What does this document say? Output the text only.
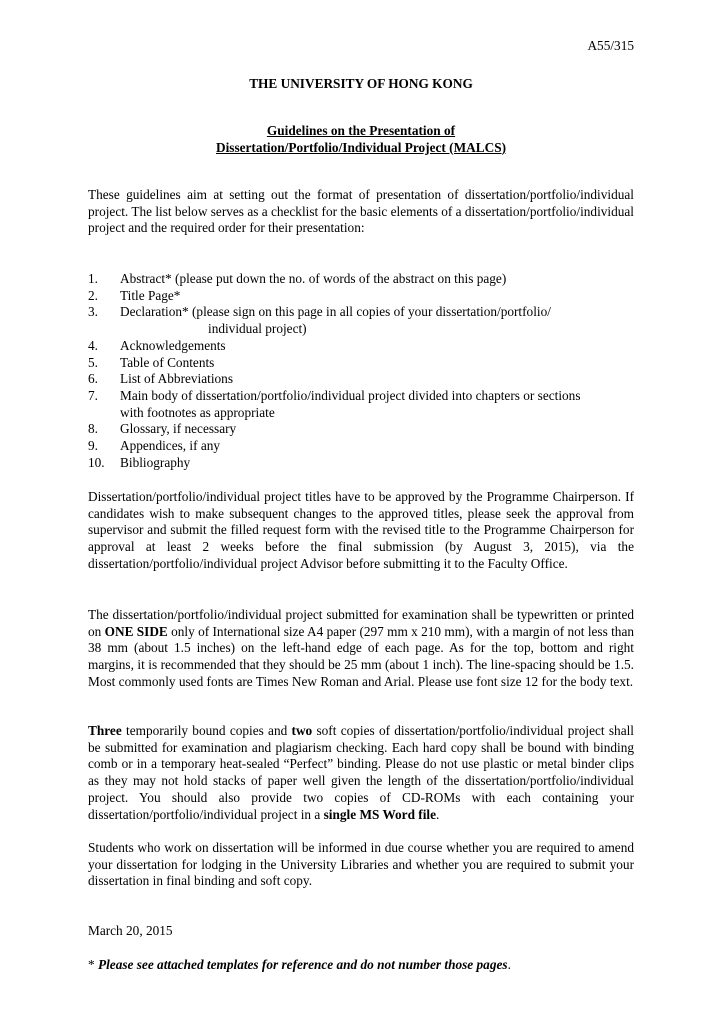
A55/315
THE UNIVERSITY OF HONG KONG
Guidelines on the Presentation of
Dissertation/Portfolio/Individual Project (MALCS)

These guidelines aim at setting out the format of presentation of dissertation/portfolio/individual project. The list below serves as a checklist for the basic elements of a dissertation/portfolio/individual project and the required order for their presentation:

1.	Abstract* (please put down the no. of words of the abstract on this page)
2.	Title Page*
3.	Declaration* (please sign on this page in all copies of your dissertation/portfolio/
individual project)
4.	Acknowledgements
5.	Table of Contents
6.	List of Abbreviations
7.	Main body of dissertation/portfolio/individual project divided into chapters or sections
with footnotes as appropriate
8.	Glossary, if necessary
9.	Appendices, if any
10.	Bibliography

Dissertation/portfolio/individual project titles have to be approved by the Programme Chairperson. If candidates wish to make subsequent changes to the approved titles, please seek the approval from supervisor and submit the filled request form with the revised title to the Programme Chairperson for approval at least 2 weeks before the final submission (by August 3, 2015), via the dissertation/portfolio/individual project Advisor before submitting it to the Faculty Office.

The dissertation/portfolio/individual project submitted for examination shall be typewritten or printed on ONE SIDE only of International size A4 paper (297 mm x 210 mm), with a margin of not less than 38 mm (about 1.5 inches) on the left-hand edge of each page. As for the top, bottom and right margins, it is recommended that they should be 25 mm (about 1 inch). The line-spacing should be 1.5. Most commonly used fonts are Times New Roman and Arial. Please use font size 12 for the body text.

Three temporarily bound copies and two soft copies of dissertation/portfolio/individual project shall be submitted for examination and plagiarism checking. Each hard copy shall be bound with binding comb or in a temporary heat-sealed “Perfect” binding. Please do not use plastic or metal binder clips as they may not hold stacks of paper well given the length of the dissertation/portfolio/individual project. You should also provide two copies of CD-ROMs with each containing your dissertation/portfolio/individual project in a single MS Word file.

Students who work on dissertation will be informed in due course whether you are required to amend your dissertation for lodging in the University Libraries and whether you are required to submit your dissertation in final binding and soft copy.

March 20, 2015
* Please see attached templates for reference and do not number those pages.
